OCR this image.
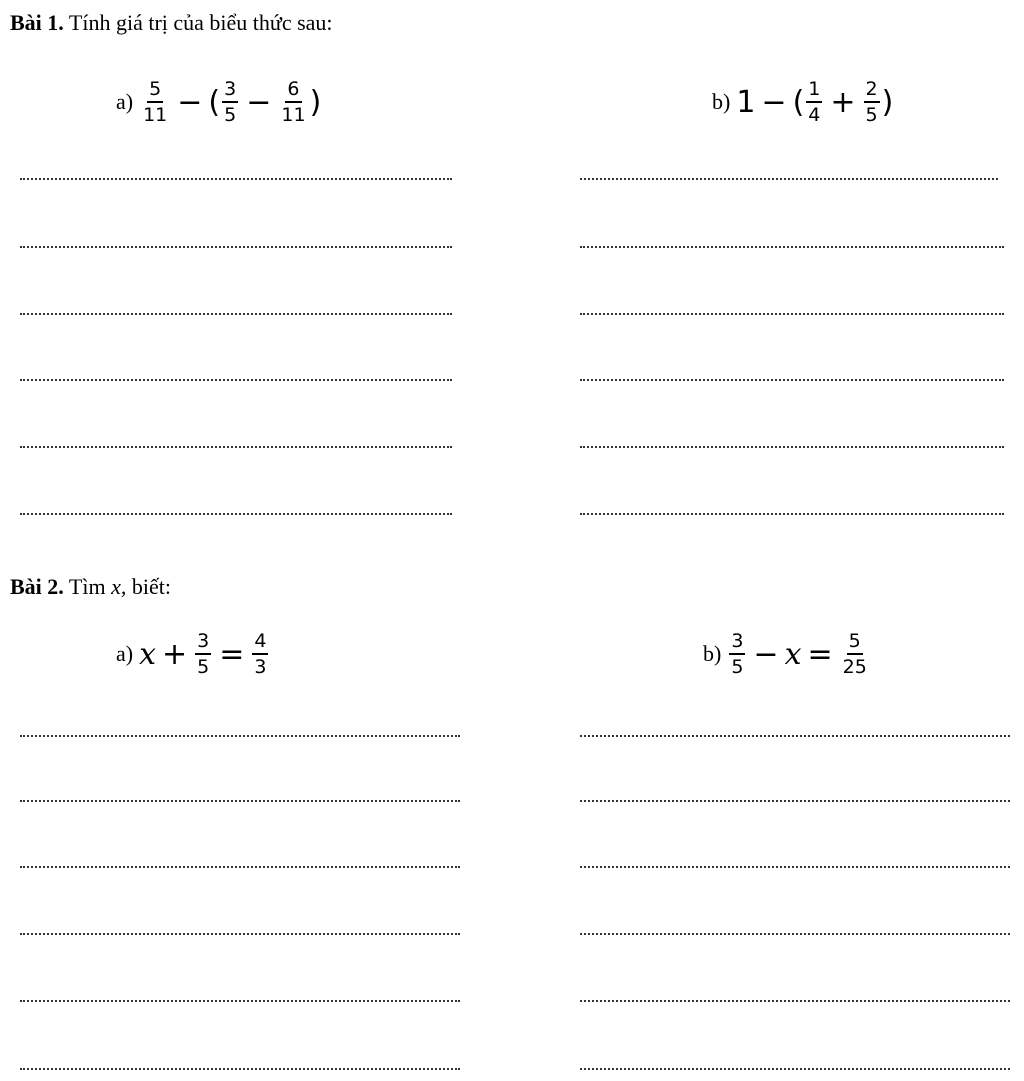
Bài 1. Tính giá trị của biểu thức sau:
$a) \frac{5}{11}$ − ( $\frac{3}{5} - \frac{6}{11}$ )	b) 1 − ( $\frac{1}{4} + \frac{2}{5}$ )
Bài 2. Tìm x, biết:
a) $x + \frac{3}{5} = \frac{4}{3}$	$b) \frac{3}{5} - x = \frac{5}{25}$
